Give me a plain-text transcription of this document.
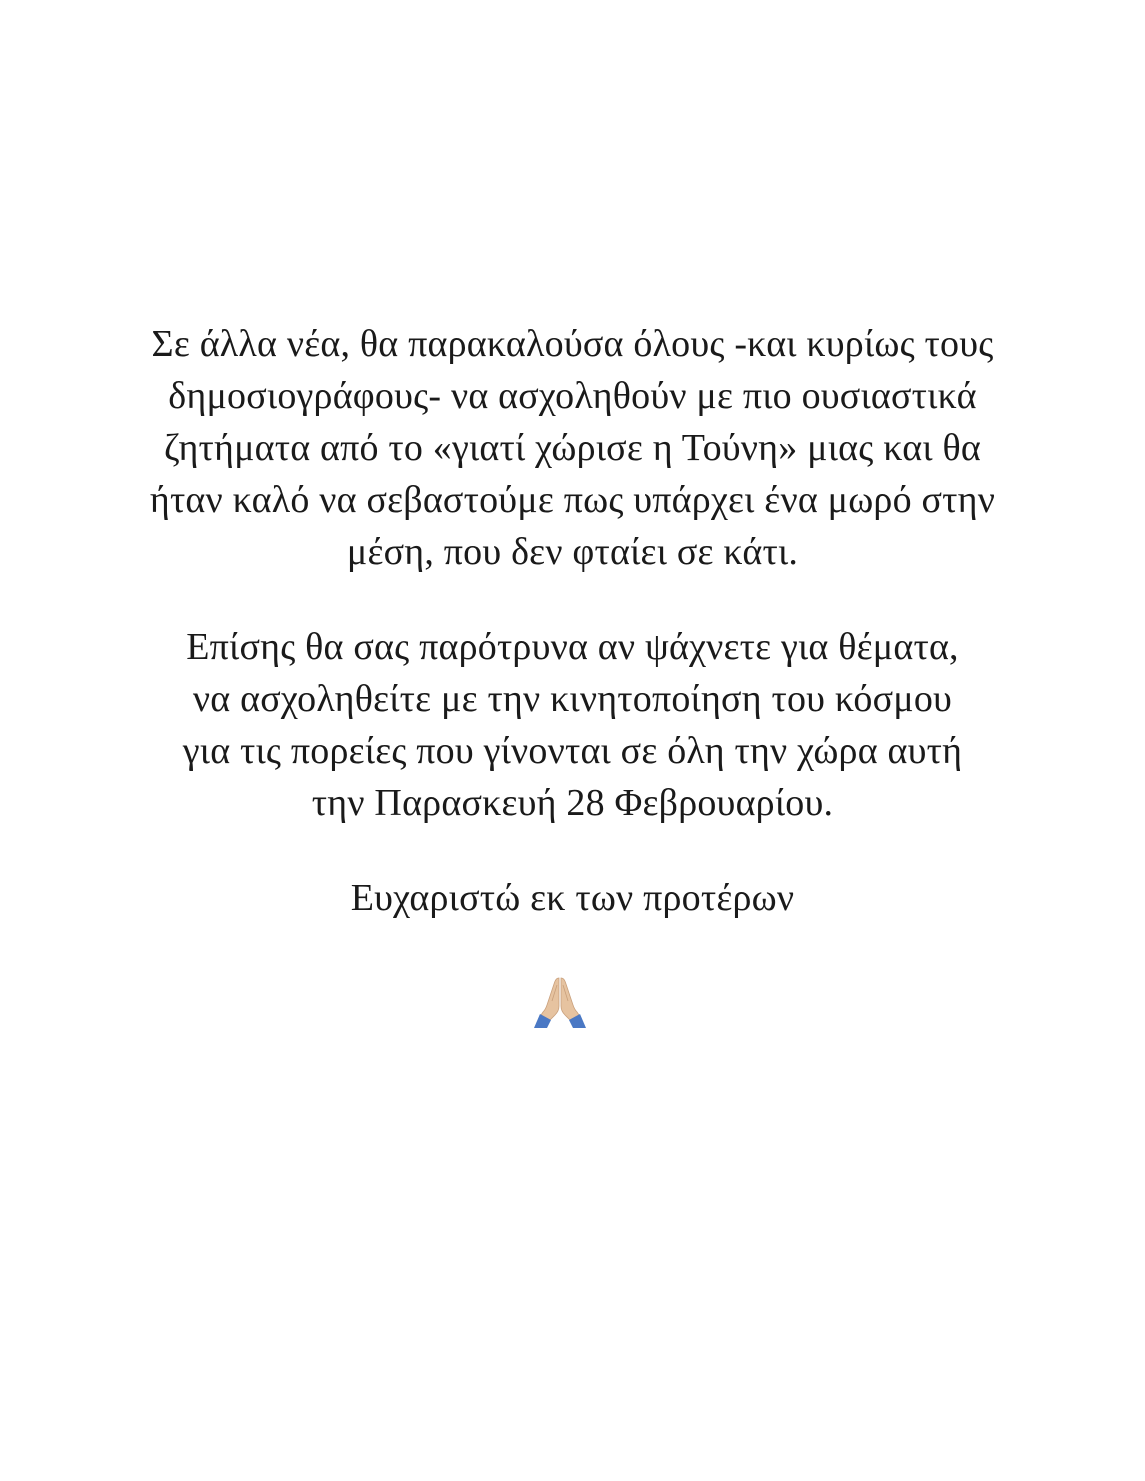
Σε άλλα νέα, θα παρακαλούσα όλους -και κυρίως τους
δημοσιογράφους- να ασχοληθούν με πιο ουσιαστικά
ζητήματα από το «γιατί χώρισε η Τούνη» μιας και θα
ήταν καλό να σεβαστούμε πως υπάρχει ένα μωρό στην
μέση, που δεν φταίει σε κάτι.

Επίσης θα σας παρότρυνα αν ψάχνετε για θέματα,
να ασχοληθείτε με την κινητοποίηση του κόσμου
για τις πορείες που γίνονται σε όλη την χώρα αυτή
την Παρασκευή 28 Φεβρουαρίου.

Ευχαριστώ εκ των προτέρων
